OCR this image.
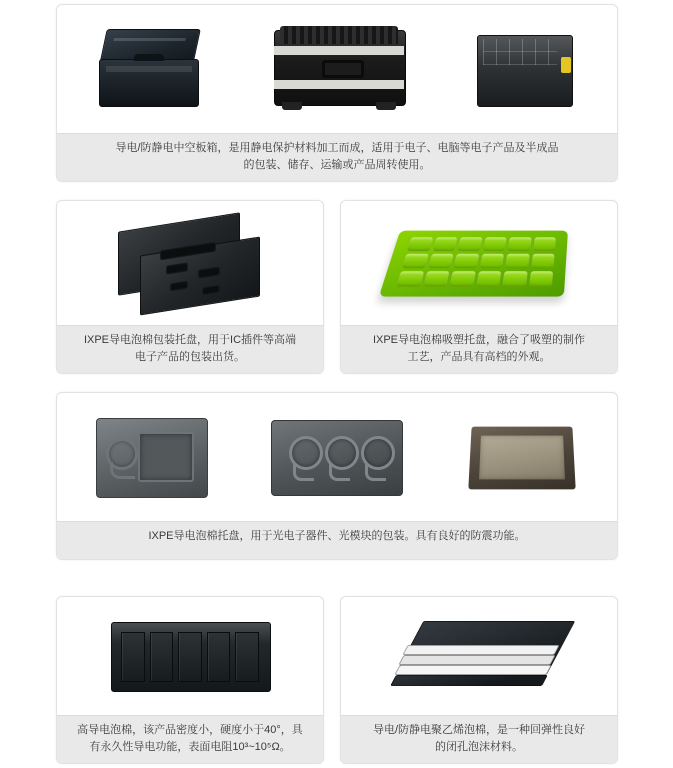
导电/防静电中空板箱，是用静电保护材料加工而成，适用于电子、电脑等电子产品及半成品
的包装、储存、运输或产品周转使用。
IXPE导电泡棉包装托盘，用于IC插件等高端
电子产品的包装出货。
IXPE导电泡棉吸塑托盘，融合了吸塑的制作
工艺，产品具有高档的外观。
IXPE导电泡棉托盘，用于光电子器件、光模块的包装。具有良好的防震功能。
高导电泡棉，该产品密度小，硬度小于40°，具
有永久性导电功能，表面电阻10³~10⁵Ω。
导电/防静电聚乙烯泡棉，是一种回弹性良好
的闭孔泡沫材料。
